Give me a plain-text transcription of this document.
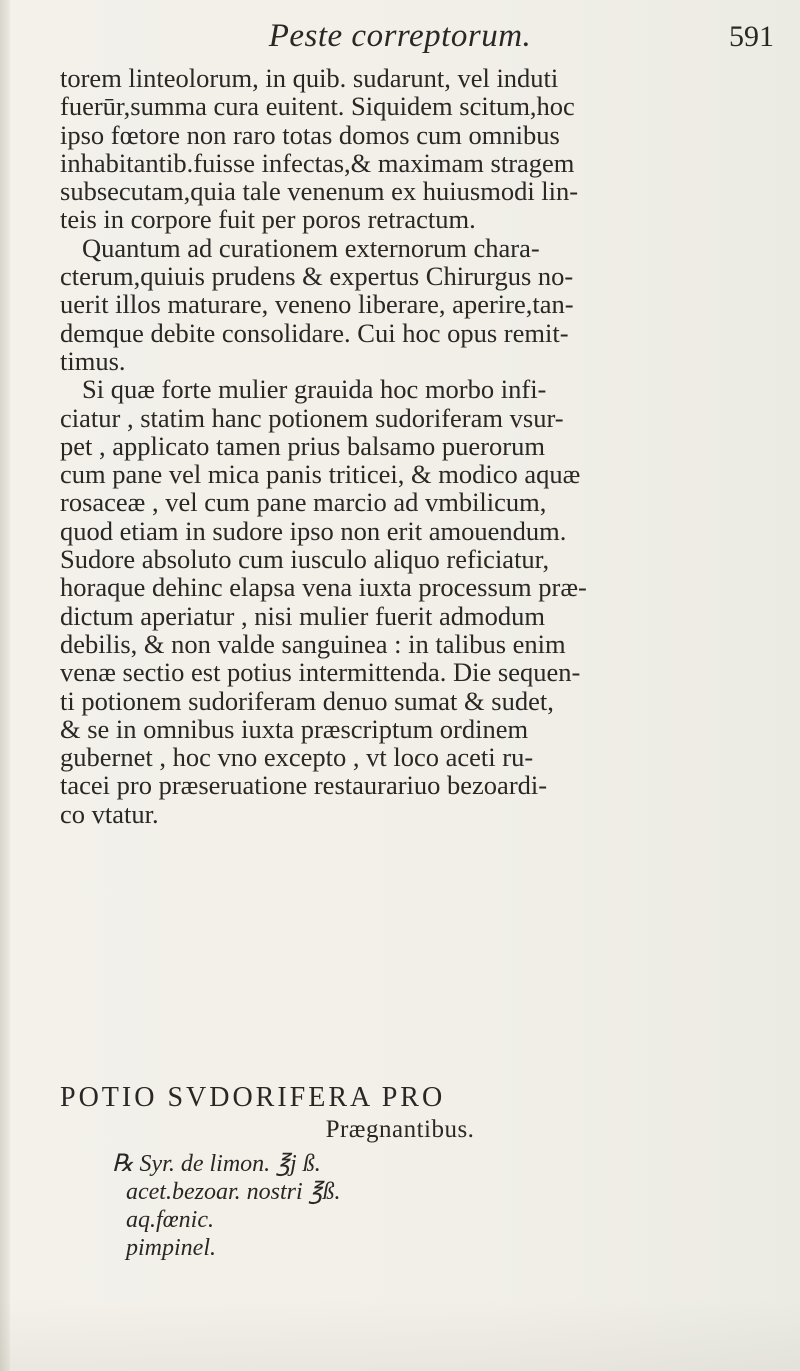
Peste correptorum.	591
torem linteolorum, in quib. sudarunt, vel induti
fuerūr,summa cura euitent. Siquidem scitum,hoc
ipso fœtore non raro totas domos cum omnibus
inhabitantib.fuisse infectas,& maximam stragem
subsecutam,quia tale venenum ex huiusmodi lin-
teis in corpore fuit per poros retractum.
Quantum ad curationem externorum chara-
cterum,quiuis prudens & expertus Chirurgus no-
uerit illos maturare, veneno liberare, aperire,tan-
demque debite consolidare. Cui hoc opus remit-
timus.
Si quæ forte mulier grauida hoc morbo infi-
ciatur , statim hanc potionem sudoriferam vsur-
pet , applicato tamen prius balsamo puerorum
cum pane vel mica panis triticei, & modico aquæ
rosaceæ , vel cum pane marcio ad vmbilicum,
quod etiam in sudore ipso non erit amouendum.
Sudore absoluto cum iusculo aliquo reficiatur,
horaque dehinc elapsa vena iuxta processum præ-
dictum aperiatur , nisi mulier fuerit admodum
debilis, & non valde sanguinea : in talibus enim
venæ sectio est potius intermittenda. Die sequen-
ti potionem sudoriferam denuo sumat & sudet,
& se in omnibus iuxta præscriptum ordinem
gubernet , hoc vno excepto , vt loco aceti ru-
tacei pro præseruatione restaurariuo bezoardi-
co vtatur.
POTIO SVDORIFERA PRO
Prægnantibus.
℞ Syr. de limon. ℥j ß.
acet.bezoar. nostri ℥ß.
aq.fœnic.
pimpinel.
